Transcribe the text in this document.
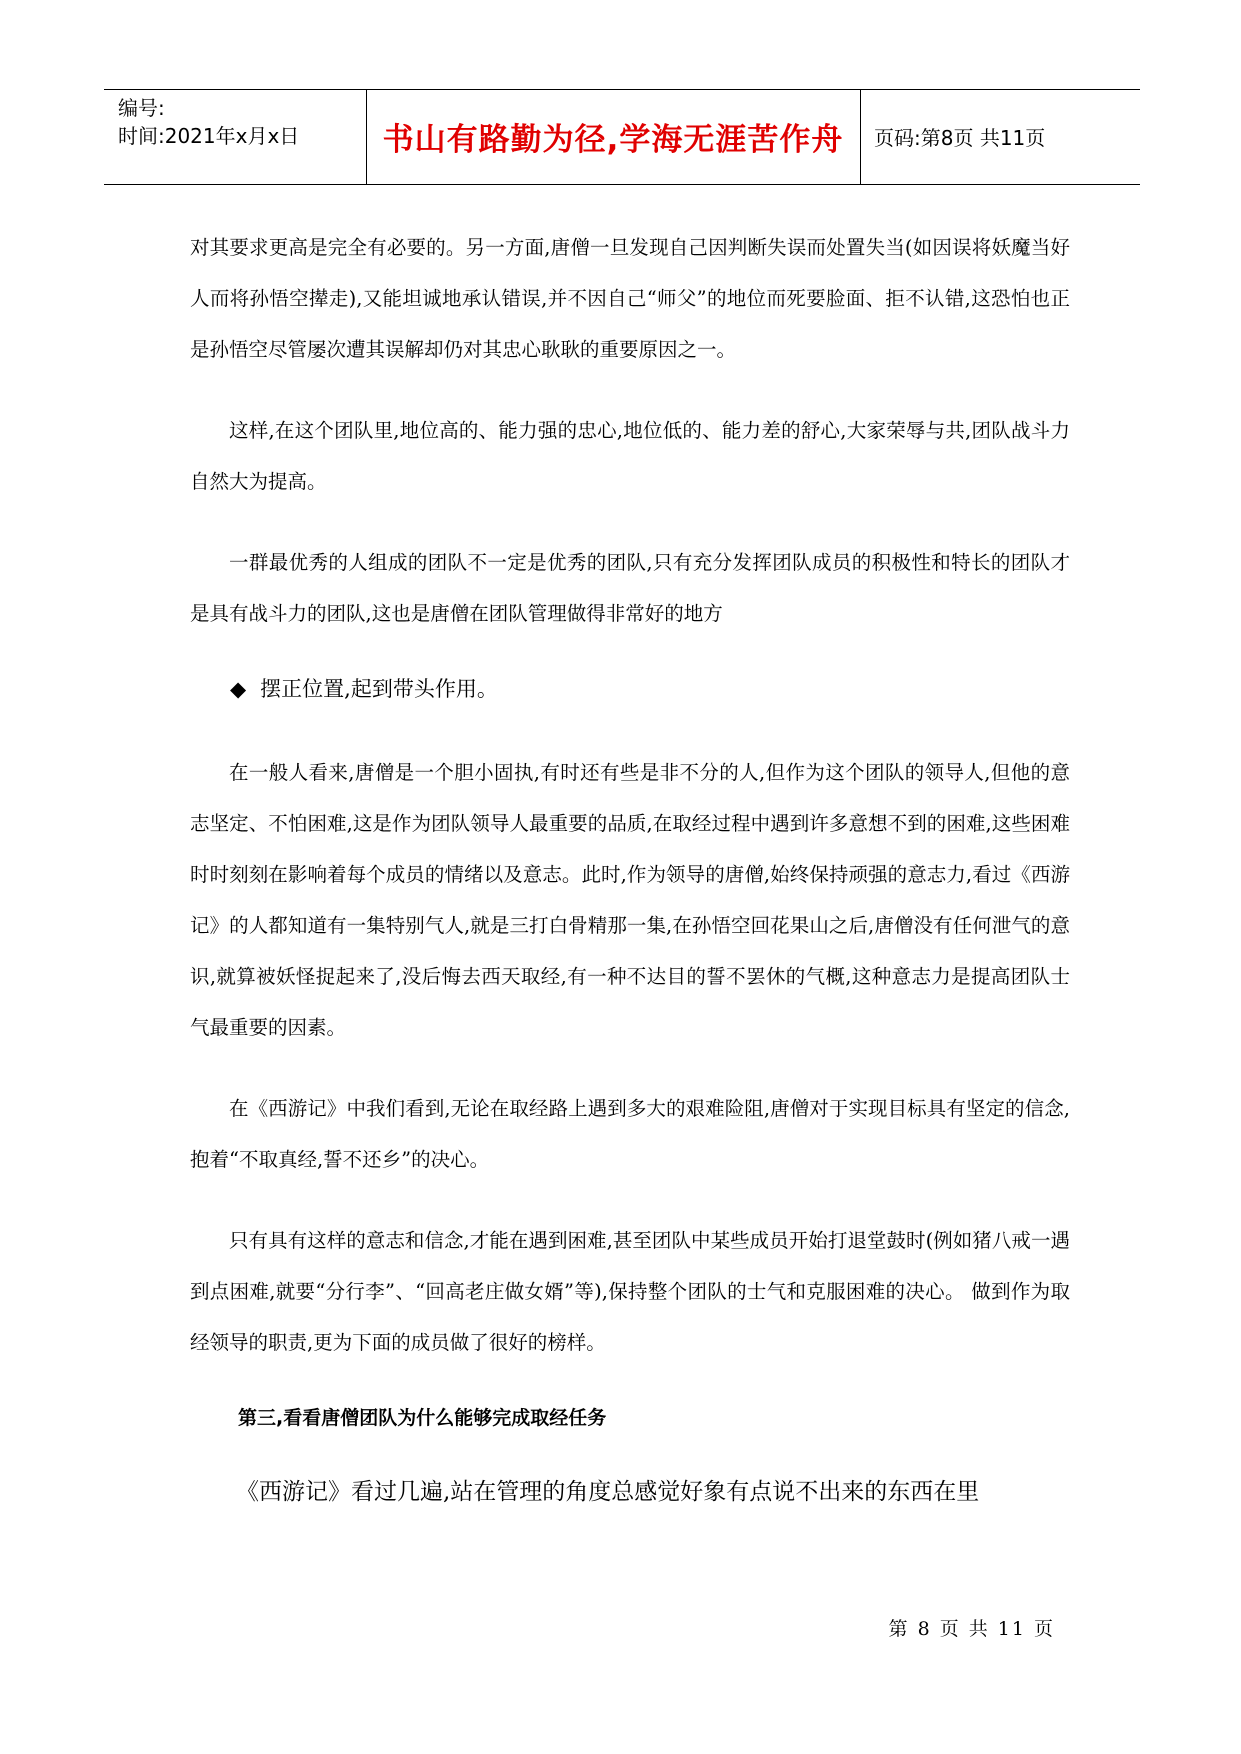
编号:
时间:2021年x月x日	书山有路勤为径,学海无涯苦作舟	页码:第8页 共11页

对其要求更高是完全有必要的。另一方面,唐僧一旦发现自己因判断失误而处置失当(如因误将妖魔当好人而将孙悟空撵走),又能坦诚地承认错误,并不因自己“师父”的地位而死要脸面、拒不认错,这恐怕也正是孙悟空尽管屡次遭其误解却仍对其忠心耿耿的重要原因之一。

这样,在这个团队里,地位高的、能力强的忠心,地位低的、能力差的舒心,大家荣辱与共,团队战斗力自然大为提高。

一群最优秀的人组成的团队不一定是优秀的团队,只有充分发挥团队成员的积极性和特长的团队才是具有战斗力的团队,这也是唐僧在团队管理做得非常好的地方

◆ 摆正位置,起到带头作用。

在一般人看来,唐僧是一个胆小固执,有时还有些是非不分的人,但作为这个团队的领导人,但他的意志坚定、不怕困难,这是作为团队领导人最重要的品质,在取经过程中遇到许多意想不到的困难,这些困难时时刻刻在影响着每个成员的情绪以及意志。此时,作为领导的唐僧,始终保持顽强的意志力,看过《西游记》的人都知道有一集特别气人,就是三打白骨精那一集,在孙悟空回花果山之后,唐僧没有任何泄气的意识,就算被妖怪捉起来了,没后悔去西天取经,有一种不达目的誓不罢休的气概,这种意志力是提高团队士气最重要的因素。

在《西游记》中我们看到,无论在取经路上遇到多大的艰难险阻,唐僧对于实现目标具有坚定的信念,抱着“不取真经,誓不还乡”的决心。

只有具有这样的意志和信念,才能在遇到困难,甚至团队中某些成员开始打退堂鼓时(例如猪八戒一遇到点困难,就要“分行李”、“回高老庄做女婿”等),保持整个团队的士气和克服困难的决心。 做到作为取经领导的职责,更为下面的成员做了很好的榜样。

第三,看看唐僧团队为什么能够完成取经任务

《西游记》看过几遍,站在管理的角度总感觉好象有点说不出来的东西在里

第 8 页 共 11 页
